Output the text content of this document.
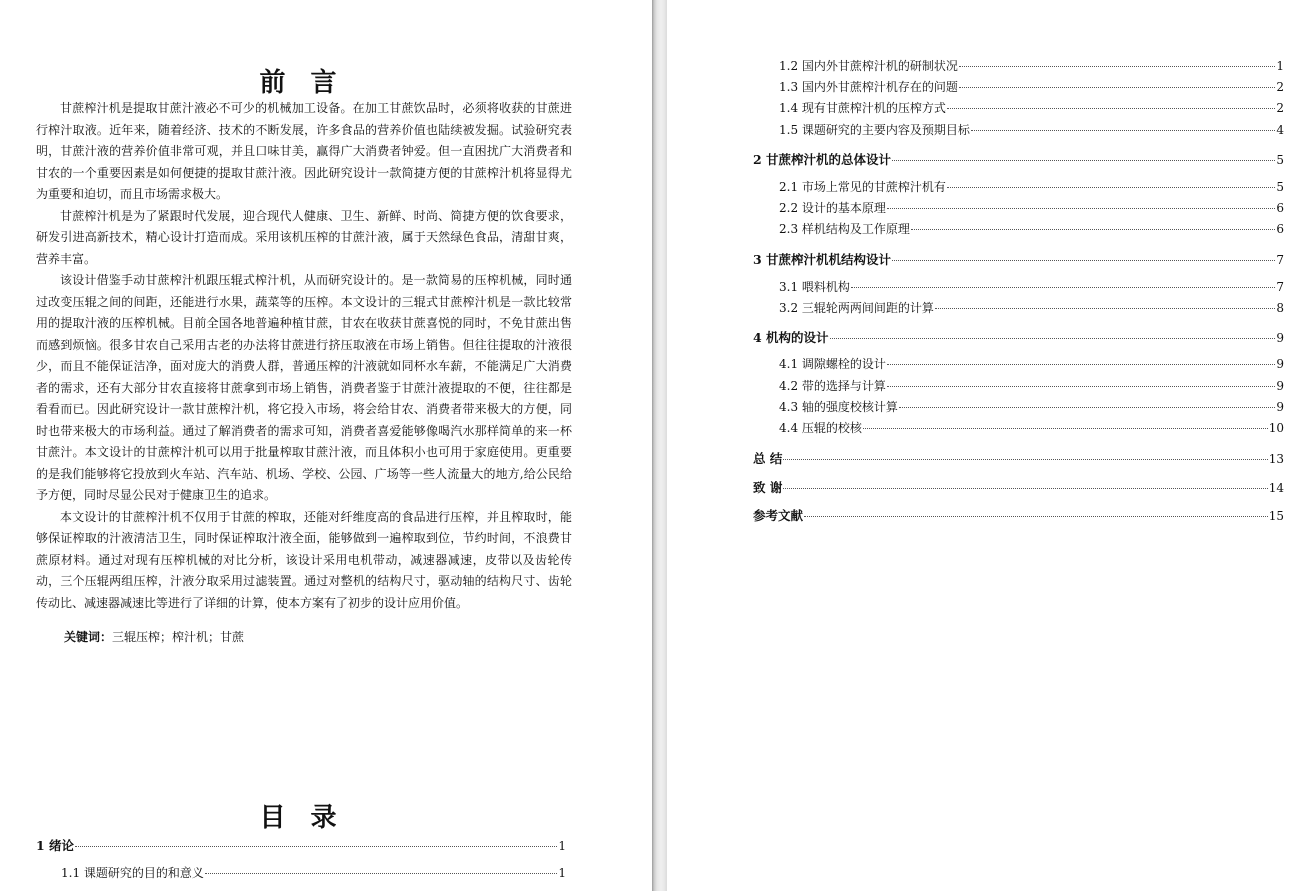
前 言

甘蔗榨汁机是提取甘蔗汁液必不可少的机械加工设备。在加工甘蔗饮品时，必须将收获的甘蔗进行榨汁取液。近年来，随着经济、技术的不断发展，许多食品的营养价值也陆续被发掘。试验研究表明，甘蔗汁液的营养价值非常可观，并且口味甘美，赢得广大消费者钟爱。但一直困扰广大消费者和甘农的一个重要因素是如何便捷的提取甘蔗汁液。因此研究设计一款简捷方便的甘蔗榨汁机将显得尤为重要和迫切，而且市场需求极大。

甘蔗榨汁机是为了紧跟时代发展，迎合现代人健康、卫生、新鲜、时尚、简捷方便的饮食要求，研发引进高新技术，精心设计打造而成。采用该机压榨的甘蔗汁液，属于天然绿色食品，清甜甘爽，营养丰富。

该设计借鉴手动甘蔗榨汁机跟压辊式榨汁机，从而研究设计的。是一款简易的压榨机械，同时通过改变压辊之间的间距，还能进行水果，蔬菜等的压榨。本文设计的三辊式甘蔗榨汁机是一款比较常用的提取汁液的压榨机械。目前全国各地普遍种植甘蔗，甘农在收获甘蔗喜悦的同时，不免甘蔗出售而感到烦恼。很多甘农自己采用古老的办法将甘蔗进行挤压取液在市场上销售。但往往提取的汁液很少，而且不能保证洁净，面对庞大的消费人群，普通压榨的汁液就如同杯水车薪，不能满足广大消费者的需求，还有大部分甘农直接将甘蔗拿到市场上销售，消费者鉴于甘蔗汁液提取的不便，往往都是看看而已。因此研究设计一款甘蔗榨汁机，将它投入市场，将会给甘农、消费者带来极大的方便，同时也带来极大的市场利益。通过了解消费者的需求可知，消费者喜爱能够像喝汽水那样简单的来一杯甘蔗汁。本文设计的甘蔗榨汁机可以用于批量榨取甘蔗汁液，而且体积小也可用于家庭使用。更重要的是我们能够将它投放到火车站、汽车站、机场、学校、公园、广场等一些人流量大的地方,给公民给予方便，同时尽显公民对于健康卫生的追求。

本文设计的甘蔗榨汁机不仅用于甘蔗的榨取，还能对纤维度高的食品进行压榨，并且榨取时，能够保证榨取的汁液清洁卫生，同时保证榨取汁液全面，能够做到一遍榨取到位，节约时间，不浪费甘蔗原材料。通过对现有压榨机械的对比分析，该设计采用电机带动，减速器减速，皮带以及齿轮传动，三个压辊两组压榨，汁液分取采用过滤装置。通过对整机的结构尺寸，驱动轴的结构尺寸、齿轮传动比、减速器减速比等进行了详细的计算，使本方案有了初步的设计应用价值。

关键词：三辊压榨；榨汁机；甘蔗
目 录
1 绪论	1
1.1 课题研究的目的和意义	1
1.2 国内外甘蔗榨汁机的研制状况	1
1.3 国内外甘蔗榨汁机存在的问题	2
1.4 现有甘蔗榨汁机的压榨方式	2
1.5 课题研究的主要内容及预期目标	4
2 甘蔗榨汁机的总体设计	5
2.1 市场上常见的甘蔗榨汁机有	5
2.2 设计的基本原理	6
2.3 样机结构及工作原理	6
3 甘蔗榨汁机机结构设计	7
3.1 喂料机构	7
3.2 三辊轮两两间间距的计算	8
4 机构的设计	9
4.1 调隙螺栓的设计	9
4.2 带的选择与计算	9
4.3 轴的强度校核计算	9
4.4 压辊的校核	10
总 结	13
致 谢	14
参考文献	15
